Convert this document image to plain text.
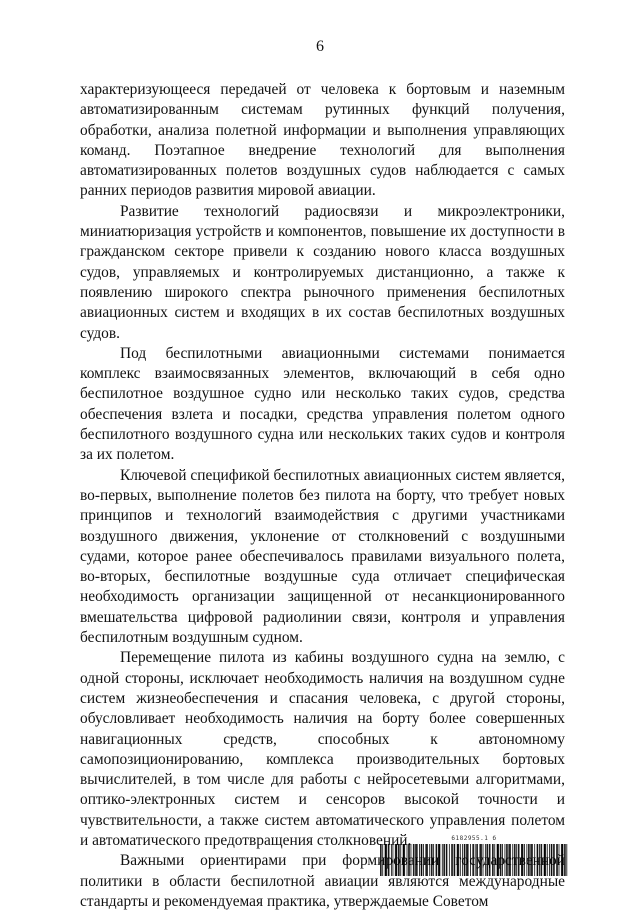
6

характеризующееся передачей от человека к бортовым и наземным автоматизированным системам рутинных функций получения, обработки, анализа полетной информации и выполнения управляющих команд. Поэтапное внедрение технологий для выполнения автоматизированных полетов воздушных судов наблюдается с самых ранних периодов развития мировой авиации.

Развитие технологий радиосвязи и микроэлектроники, миниатюризация устройств и компонентов, повышение их доступности в гражданском секторе привели к созданию нового класса воздушных судов, управляемых и контролируемых дистанционно, а также к появлению широкого спектра рыночного применения беспилотных авиационных систем и входящих в их состав беспилотных воздушных судов.

Под беспилотными авиационными системами понимается комплекс взаимосвязанных элементов, включающий в себя одно беспилотное воздушное судно или несколько таких судов, средства обеспечения взлета и посадки, средства управления полетом одного беспилотного воздушного судна или нескольких таких судов и контроля за их полетом.

Ключевой спецификой беспилотных авиационных систем является, во-первых, выполнение полетов без пилота на борту, что требует новых принципов и технологий взаимодействия с другими участниками воздушного движения, уклонение от столкновений с воздушными судами, которое ранее обеспечивалось правилами визуального полета, во-вторых, беспилотные воздушные суда отличает специфическая необходимость организации защищенной от несанкционированного вмешательства цифровой радиолинии связи, контроля и управления беспилотным воздушным судном.

Перемещение пилота из кабины воздушного судна на землю, с одной стороны, исключает необходимость наличия на воздушном судне систем жизнеобеспечения и спасания человека, с другой стороны, обусловливает необходимость наличия на борту более совершенных навигационных средств, способных к автономному самопозиционированию, комплекса производительных бортовых вычислителей, в том числе для работы с нейросетевыми алгоритмами, оптико-электронных систем и сенсоров высокой точности и чувствительности, а также систем автоматического управления полетом и автоматического предотвращения столкновений.

Важными ориентирами при формировании государственной политики в области беспилотной авиации являются международные стандарты и рекомендуемая практика, утверждаемые Советом

6182955.1 б
